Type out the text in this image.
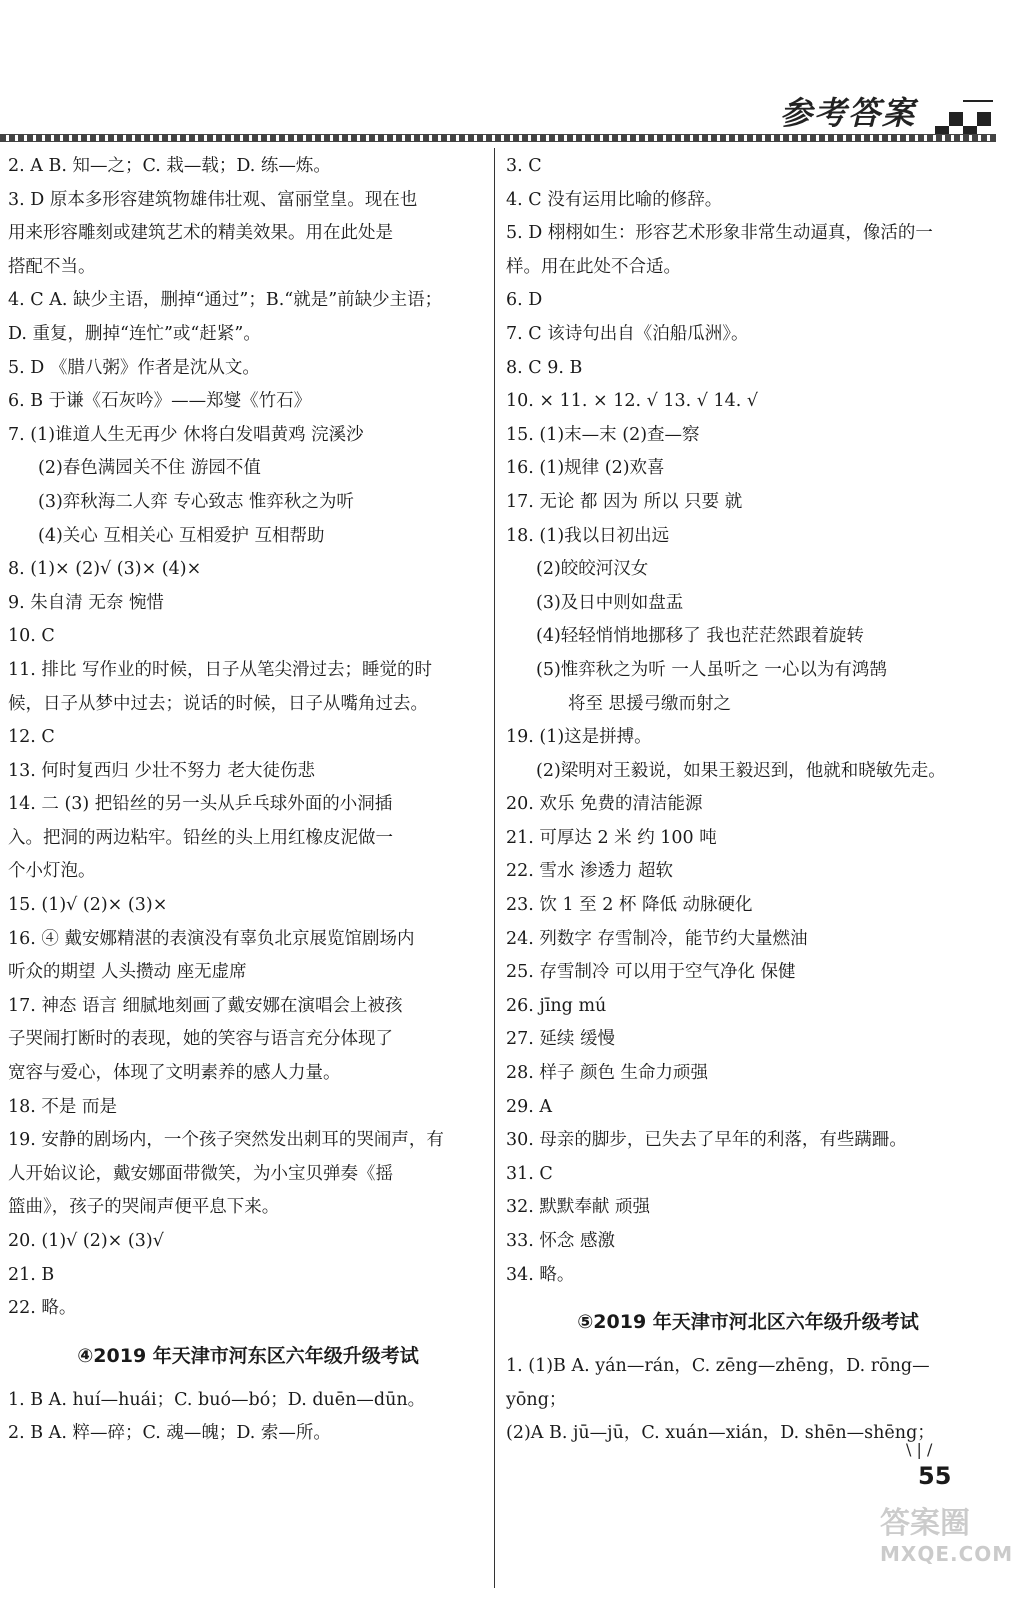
参考答案
2. A B. 知—之；C. 栽—载；D. 练—炼。
3. D 原本多形容建筑物雄伟壮观、富丽堂皇。现在也
用来形容雕刻或建筑艺术的精美效果。用在此处是
搭配不当。
4. C A. 缺少主语，删掉“通过”；B.“就是”前缺少主语；
D. 重复，删掉“连忙”或“赶紧”。
5. D 《腊八粥》作者是沈从文。
6. B 于谦《石灰吟》——郑燮《竹石》
7. (1)谁道人生无再少 休将白发唱黄鸡 浣溪沙
(2)春色满园关不住 游园不值
(3)弈秋海二人弈 专心致志 惟弈秋之为听
(4)关心 互相关心 互相爱护 互相帮助
8. (1)× (2)√ (3)× (4)×
9. 朱自清 无奈 惋惜
10. C
11. 排比 写作业的时候，日子从笔尖滑过去；睡觉的时
候，日子从梦中过去；说话的时候，日子从嘴角过去。
12. C
13. 何时复西归 少壮不努力 老大徒伤悲
14. 二 (3) 把铅丝的另一头从乒乓球外面的小洞插
入。把洞的两边粘牢。铅丝的头上用红橡皮泥做一
个小灯泡。
15. (1)√ (2)× (3)×
16. ④ 戴安娜精湛的表演没有辜负北京展览馆剧场内
听众的期望 人头攒动 座无虚席
17. 神态 语言 细腻地刻画了戴安娜在演唱会上被孩
子哭闹打断时的表现，她的笑容与语言充分体现了
宽容与爱心，体现了文明素养的感人力量。
18. 不是 而是
19. 安静的剧场内，一个孩子突然发出刺耳的哭闹声，有
人开始议论，戴安娜面带微笑，为小宝贝弹奏《摇
篮曲》，孩子的哭闹声便平息下来。
20. (1)√ (2)× (3)√
21. B
22. 略。
④2019 年天津市河东区六年级升级考试
1. B A. huí—huái；C. buó—bó；D. duēn—dūn。
2. B A. 粹—碎；C. 魂—魄；D. 索—所。
3. C
4. C 没有运用比喻的修辞。
5. D 栩栩如生：形容艺术形象非常生动逼真，像活的一
样。用在此处不合适。
6. D
7. C 该诗句出自《泊船瓜洲》。
8. C 9. B
10. × 11. × 12. √ 13. √ 14. √
15. (1)末—末 (2)查—察
16. (1)规律 (2)欢喜
17. 无论 都 因为 所以 只要 就
18. (1)我以日初出远
(2)皎皎河汉女
(3)及日中则如盘盂
(4)轻轻悄悄地挪移了 我也茫茫然跟着旋转
(5)惟弈秋之为听 一人虽听之 一心以为有鸿鹄
将至 思援弓缴而射之
19. (1)这是拼搏。
(2)梁明对王毅说，如果王毅迟到，他就和晓敏先走。
20. 欢乐 免费的清洁能源
21. 可厚达 2 米 约 100 吨
22. 雪水 渗透力 超软
23. 饮 1 至 2 杯 降低 动脉硬化
24. 列数字 存雪制冷，能节约大量燃油
25. 存雪制冷 可以用于空气净化 保健
26. jīng mú
27. 延续 缓慢
28. 样子 颜色 生命力顽强
29. A
30. 母亲的脚步，已失去了早年的利落，有些蹒跚。
31. C
32. 默默奉献 顽强
33. 怀念 感激
34. 略。
⑤2019 年天津市河北区六年级升级考试
1. (1)B A. yán—rán，C. zēng—zhēng，D. rōng—
yōng；
(2)A B. jū—jū，C. xuán—xián，D. shēn—shēng；
\ | /
55
答案圈
MXQE.COM
